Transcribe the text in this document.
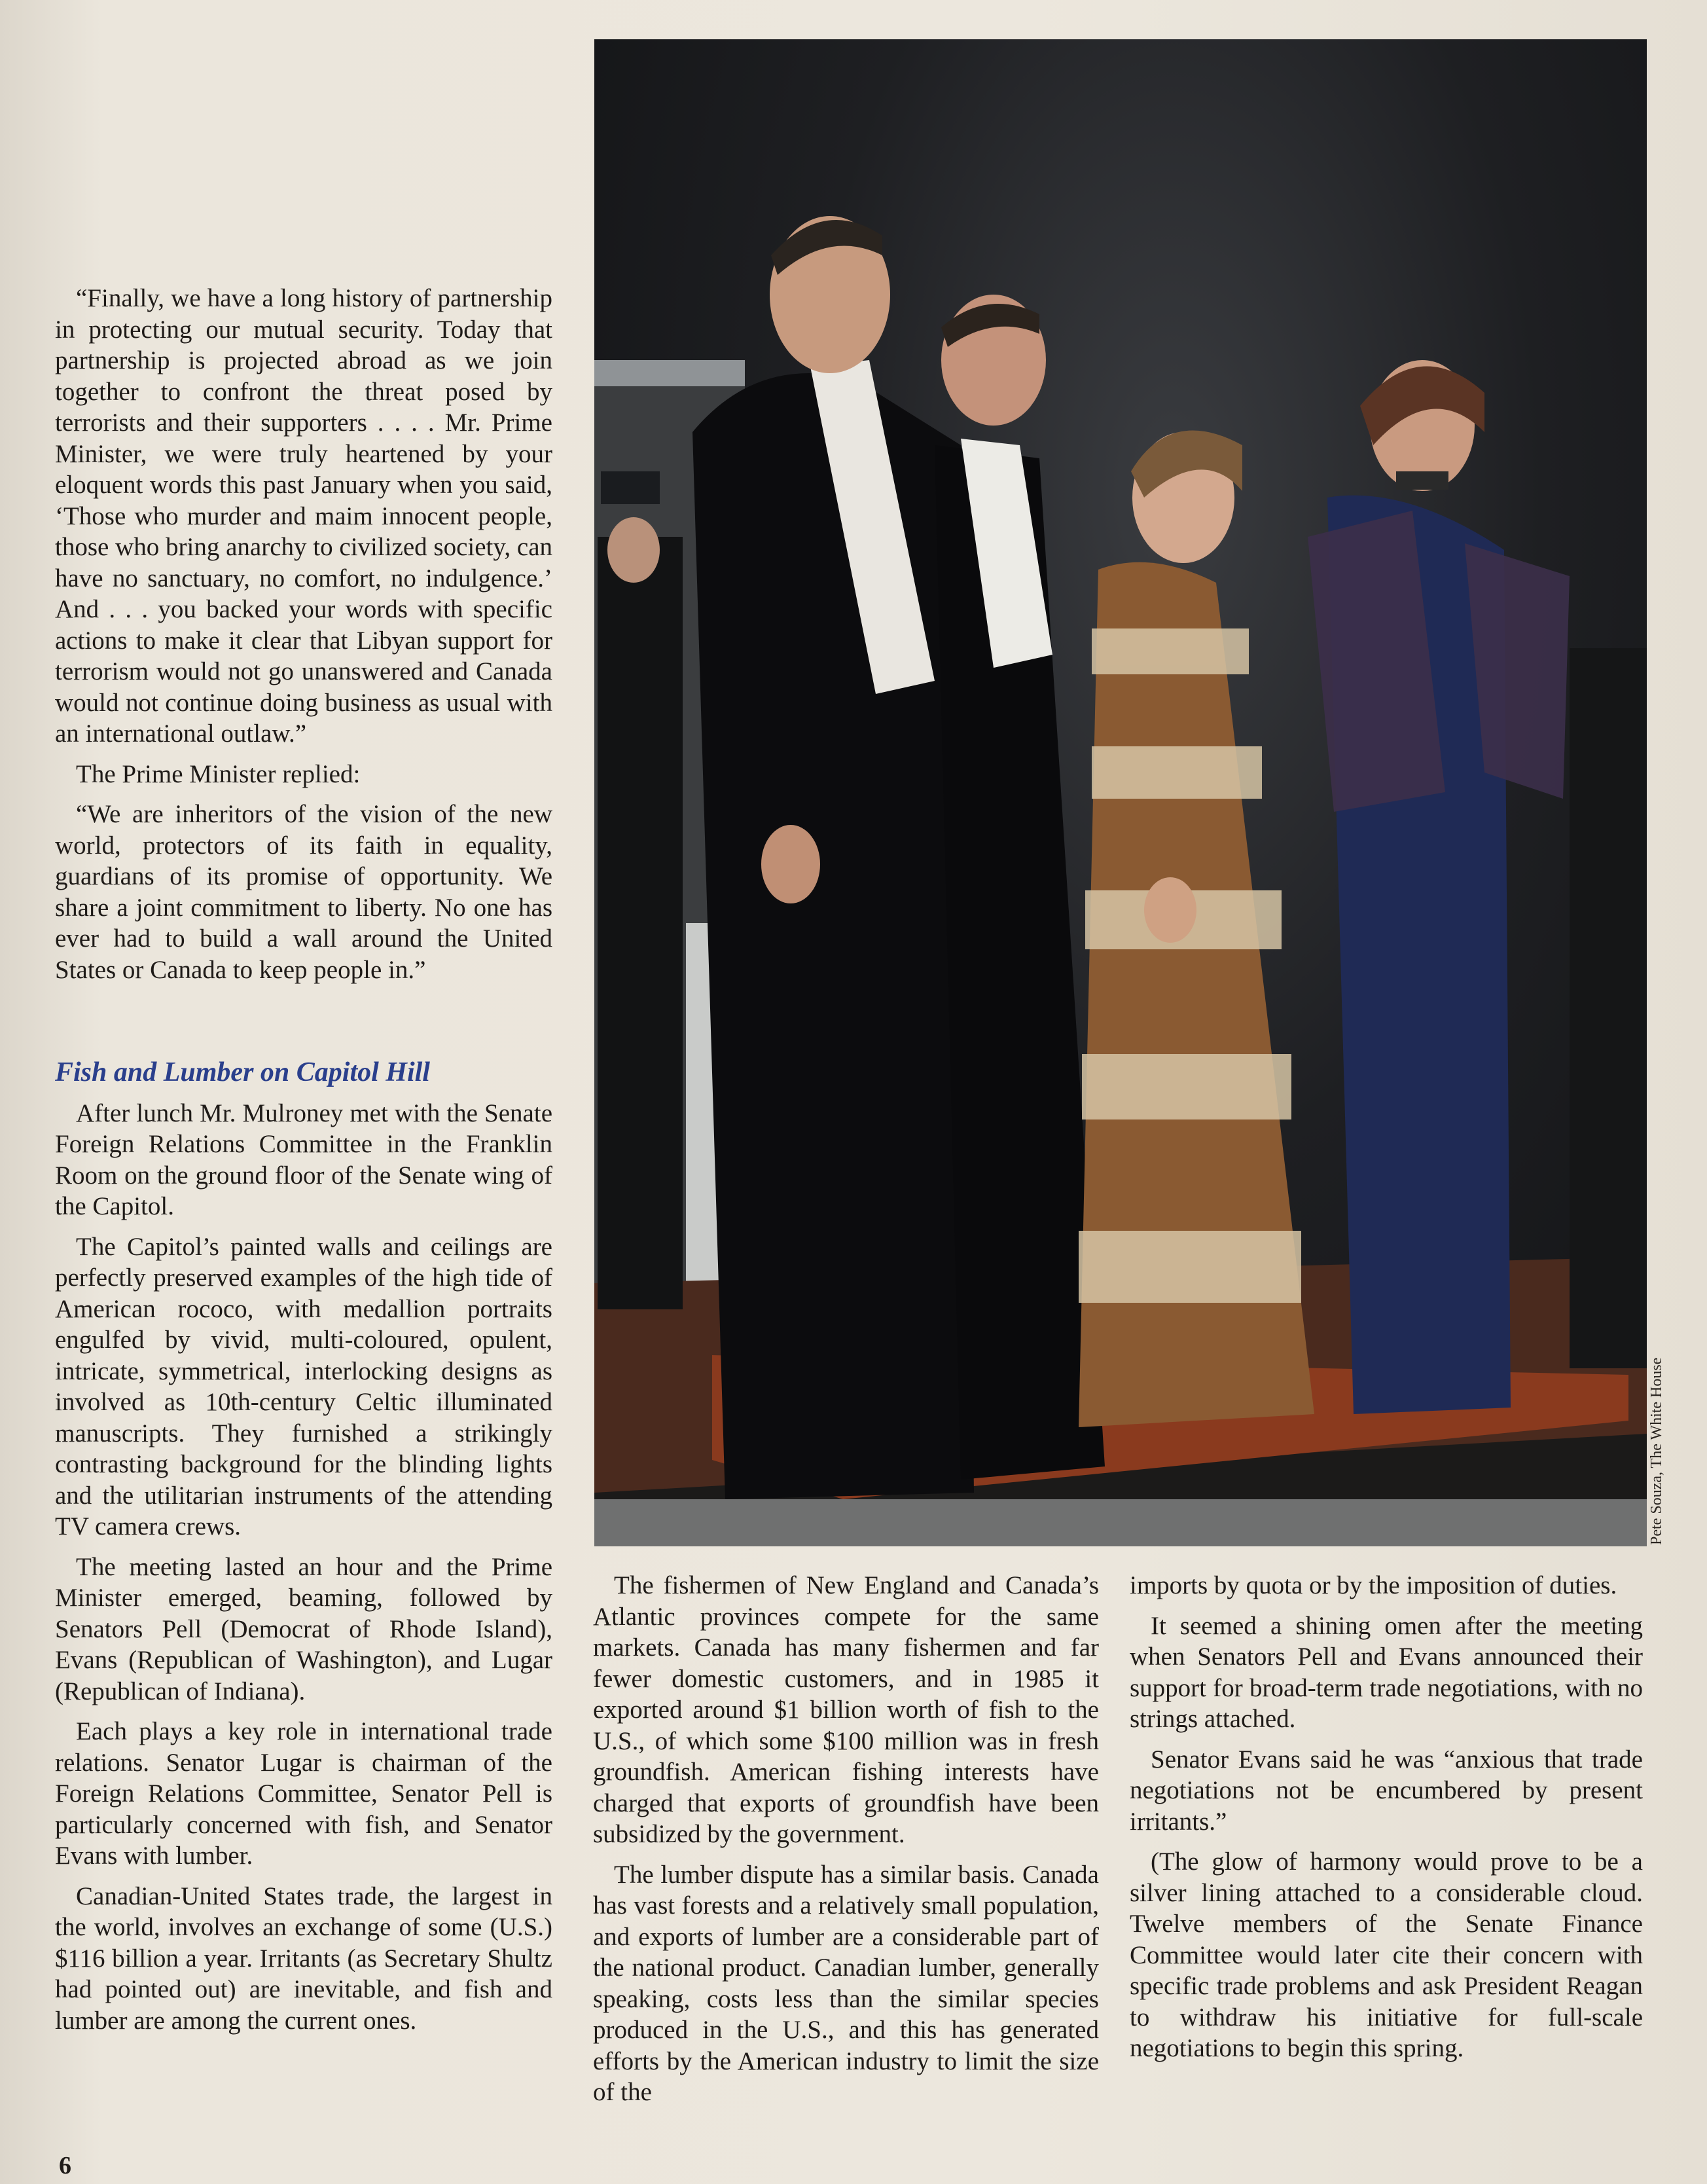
“Finally, we have a long history of partnership in protecting our mutual security. Today that partnership is projected abroad as we join together to confront the threat posed by terrorists and their supporters . . . . Mr. Prime Minister, we were truly heartened by your eloquent words this past January when you said, ‘Those who murder and maim innocent people, those who bring anarchy to civilized society, can have no sanctuary, no comfort, no indulgence.’ And . . . you backed your words with specific actions to make it clear that Libyan support for terrorism would not go unanswered and Canada would not continue doing business as usual with an international outlaw.”

The Prime Minister replied:

“We are inheritors of the vision of the new world, protectors of its faith in equality, guardians of its promise of opportunity. We share a joint commitment to liberty. No one has ever had to build a wall around the United States or Canada to keep people in.”

Fish and Lumber on Capitol Hill

After lunch Mr. Mulroney met with the Senate Foreign Relations Committee in the Franklin Room on the ground floor of the Senate wing of the Capitol.

The Capitol’s painted walls and ceilings are perfectly preserved examples of the high tide of American rococo, with medallion portraits engulfed by vivid, multi-coloured, opulent, intricate, symmetrical, interlocking designs as involved as 10th-century Celtic illuminated manuscripts. They furnished a strikingly contrasting background for the blinding lights and the utilitarian instruments of the attending TV camera crews.

The meeting lasted an hour and the Prime Minister emerged, beaming, followed by Senators Pell (Democrat of Rhode Island), Evans (Republican of Washington), and Lugar (Republican of Indiana).

Each plays a key role in international trade relations. Senator Lugar is chairman of the Foreign Relations Committee, Senator Pell is particularly concerned with fish, and Senator Evans with lumber.

Canadian-United States trade, the largest in the world, involves an exchange of some (U.S.) $116 billion a year. Irritants (as Secretary Shultz had pointed out) are inevitable, and fish and lumber are among the current ones.

The fishermen of New England and Canada’s Atlantic provinces compete for the same markets. Canada has many fishermen and far fewer domestic customers, and in 1985 it exported around $1 billion worth of fish to the U.S., of which some $100 million was in fresh groundfish. American fishing interests have charged that exports of groundfish have been subsidized by the government.

The lumber dispute has a similar basis. Canada has vast forests and a relatively small population, and exports of lumber are a considerable part of the national product. Canadian lumber, generally speaking, costs less than the similar species produced in the U.S., and this has generated efforts by the American industry to limit the size of the

imports by quota or by the imposition of duties.

It seemed a shining omen after the meeting when Senators Pell and Evans announced their support for broad-term trade negotiations, with no strings attached.

Senator Evans said he was “anxious that trade negotiations not be encumbered by present irritants.”

(The glow of harmony would prove to be a silver lining attached to a considerable cloud. Twelve members of the Senate Finance Committee would later cite their concern with specific trade problems and ask President Reagan to withdraw his initiative for full-scale negotiations to begin this spring.

6
